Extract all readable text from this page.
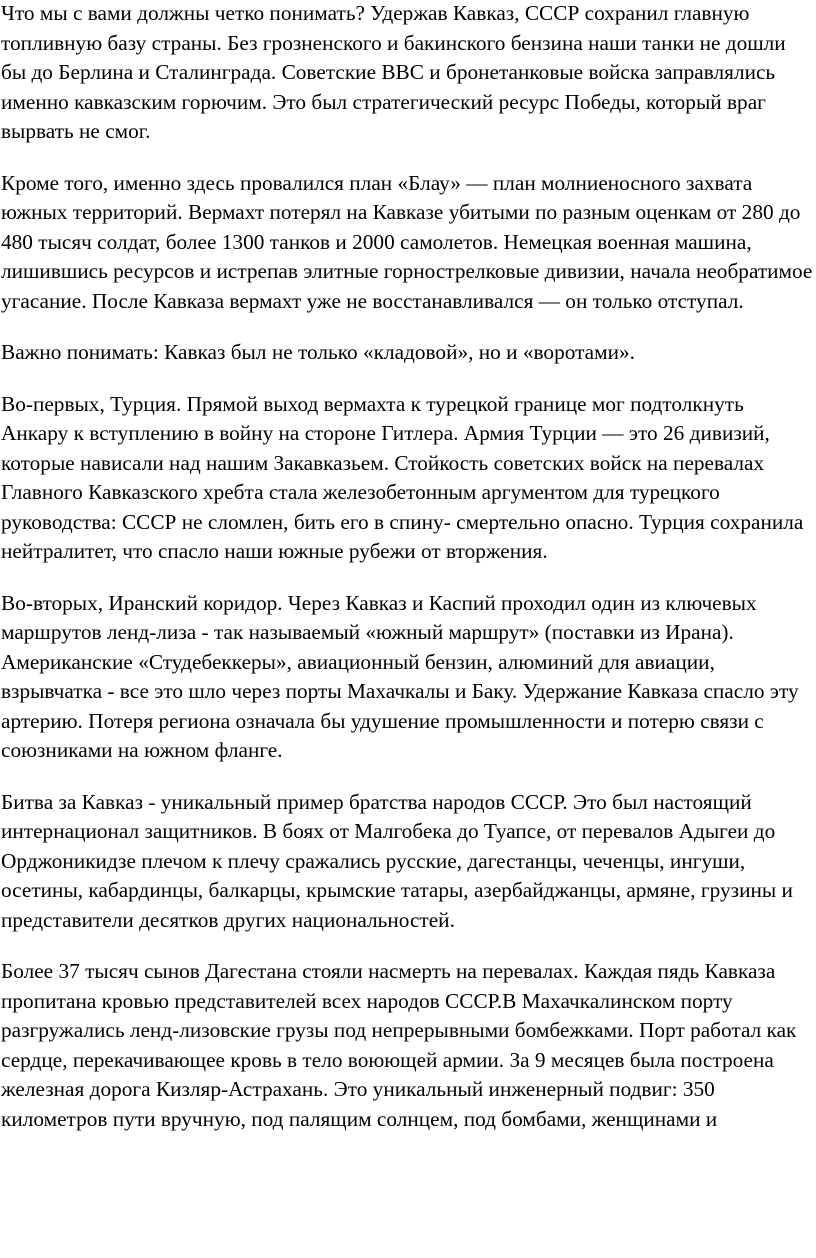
Что мы с вами должны четко понимать? Удержав Кавказ, СССР сохранил главную топливную базу страны. Без грозненского и бакинского бензина наши танки не дошли бы до Берлина и Сталинграда. Советские ВВС и бронетанковые войска заправлялись именно кавказским горючим. Это был стратегический ресурс Победы, который враг вырвать не смог.

Кроме того, именно здесь провалился план «Блау» — план молниеносного захвата южных территорий. Вермахт потерял на Кавказе убитыми по разным оценкам от 280 до 480 тысяч солдат, более 1300 танков и 2000 самолетов. Немецкая военная машина, лишившись ресурсов и истрепав элитные горнострелковые дивизии, начала необратимое угасание. После Кавказа вермахт уже не восстанавливался — он только отступал.

Важно понимать: Кавказ был не только «кладовой», но и «воротами».

Во-первых, Турция. Прямой выход вермахта к турецкой границе мог подтолкнуть Анкару к вступлению в войну на стороне Гитлера. Армия Турции — это 26 дивизий, которые нависали над нашим Закавказьем. Стойкость советских войск на перевалах Главного Кавказского хребта стала железобетонным аргументом для турецкого руководства: СССР не сломлен, бить его в спину- смертельно опасно. Турция сохранила нейтралитет, что спасло наши южные рубежи от вторжения.

Во-вторых, Иранский коридор. Через Кавказ и Каспий проходил один из ключевых маршрутов ленд-лиза - так называемый «южный маршрут» (поставки из Ирана). Американские «Студебеккеры», авиационный бензин, алюминий для авиации, взрывчатка - все это шло через порты Махачкалы и Баку. Удержание Кавказа спасло эту артерию. Потеря региона означала бы удушение промышленности и потерю связи с союзниками на южном фланге.

Битва за Кавказ - уникальный пример братства народов СССР. Это был настоящий интернационал защитников. В боях от Малгобека до Туапсе, от перевалов Адыгеи до Орджоникидзе плечом к плечу сражались русские, дагестанцы, чеченцы, ингуши, осетины, кабардинцы, балкарцы, крымские татары, азербайджанцы, армяне, грузины и представители десятков других национальностей.

Более 37 тысяч сынов Дагестана стояли насмерть на перевалах. Каждая пядь Кавказа пропитана кровью представителей всех народов СССР.В Махачкалинском порту разгружались ленд-лизовские грузы под непрерывными бомбежками. Порт работал как сердце, перекачивающее кровь в тело воюющей армии. За 9 месяцев была построена железная дорога Кизляр-Астрахань. Это уникальный инженерный подвиг: 350 километров пути вручную, под палящим солнцем, под бомбами, женщинами и
